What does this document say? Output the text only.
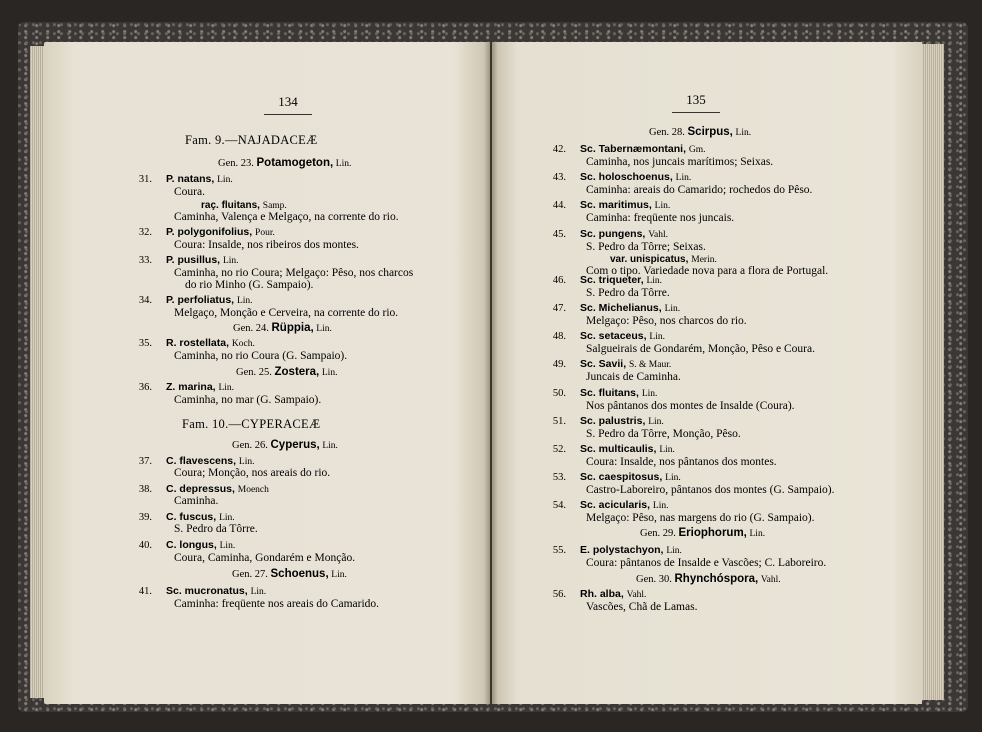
134	135
Fam. 9.—NAJADACEÆ
Gen. 23. Potamogeton, Lin.
31. P. natans, Lin.
Coura.
raç. fluitans, Samp.
Caminha, Valença e Melgaço, na corrente do rio.
32. P. polygonifolius, Pour.
Coura: Insalde, nos ribeiros dos montes.
33. P. pusillus, Lin.
Caminha, no rio Coura; Melgaço: Pêso, nos charcos
do rio Minho (G. Sampaio).
34. P. perfoliatus, Lin.
Melgaço, Monção e Cerveira, na corrente do rio.
Gen. 24. Rüppia, Lin.
35. R. rostellata, Koch.
Caminha, no rio Coura (G. Sampaio).
Gen. 25. Zostera, Lin.
36. Z. marina, Lin.
Caminha, no mar (G. Sampaio).
Fam. 10.—CYPERACEÆ
Gen. 26. Cyperus, Lin.
37. C. flavescens, Lin.
Coura; Monção, nos areais do rio.
38. C. depressus, Moench
Caminha.
39. C. fuscus, Lin.
S. Pedro da Tôrre.
40. C. longus, Lin.
Coura, Caminha, Gondarém e Monção.
Gen. 27. Schoenus, Lin.
41. Sc. mucronatus, Lin.
Caminha: freqüente nos areais do Camarido.
Gen. 28. Scirpus, Lin.
42. Sc. Tabernæmontani, Gm.
Caminha, nos juncais marítimos; Seixas.
43. Sc. holoschoenus, Lin.
Caminha: areais do Camarido; rochedos do Pêso.
44. Sc. maritimus, Lin.
Caminha: freqüente nos juncais.
45. Sc. pungens, Vahl.
S. Pedro da Tôrre; Seixas.
var. unispicatus, Merin.
Com o tipo. Variedade nova para a flora de Portugal.
46. Sc. triqueter, Lin.
S. Pedro da Tôrre.
47. Sc. Michelianus, Lin.
Melgaço: Pêso, nos charcos do rio.
48. Sc. setaceus, Lin.
Salgueirais de Gondarém, Monção, Pêso e Coura.
49. Sc. Savii, S. & Maur.
Juncais de Caminha.
50. Sc. fluitans, Lin.
Nos pântanos dos montes de Insalde (Coura).
51. Sc. palustris, Lin.
S. Pedro da Tôrre, Monção, Pêso.
52. Sc. multicaulis, Lin.
Coura: Insalde, nos pântanos dos montes.
53. Sc. caespitosus, Lin.
Castro-Laboreiro, pântanos dos montes (G. Sampaio).
54. Sc. acicularis, Lin.
Melgaço: Pêso, nas margens do rio (G. Sampaio).
Gen. 29. Eriophorum, Lin.
55. E. polystachyon, Lin.
Coura: pântanos de Insalde e Vascões; C. Laboreiro.
Gen. 30. Rhynchóspora, Vahl.
56. Rh. alba, Vahl.
Vascões, Chã de Lamas.
